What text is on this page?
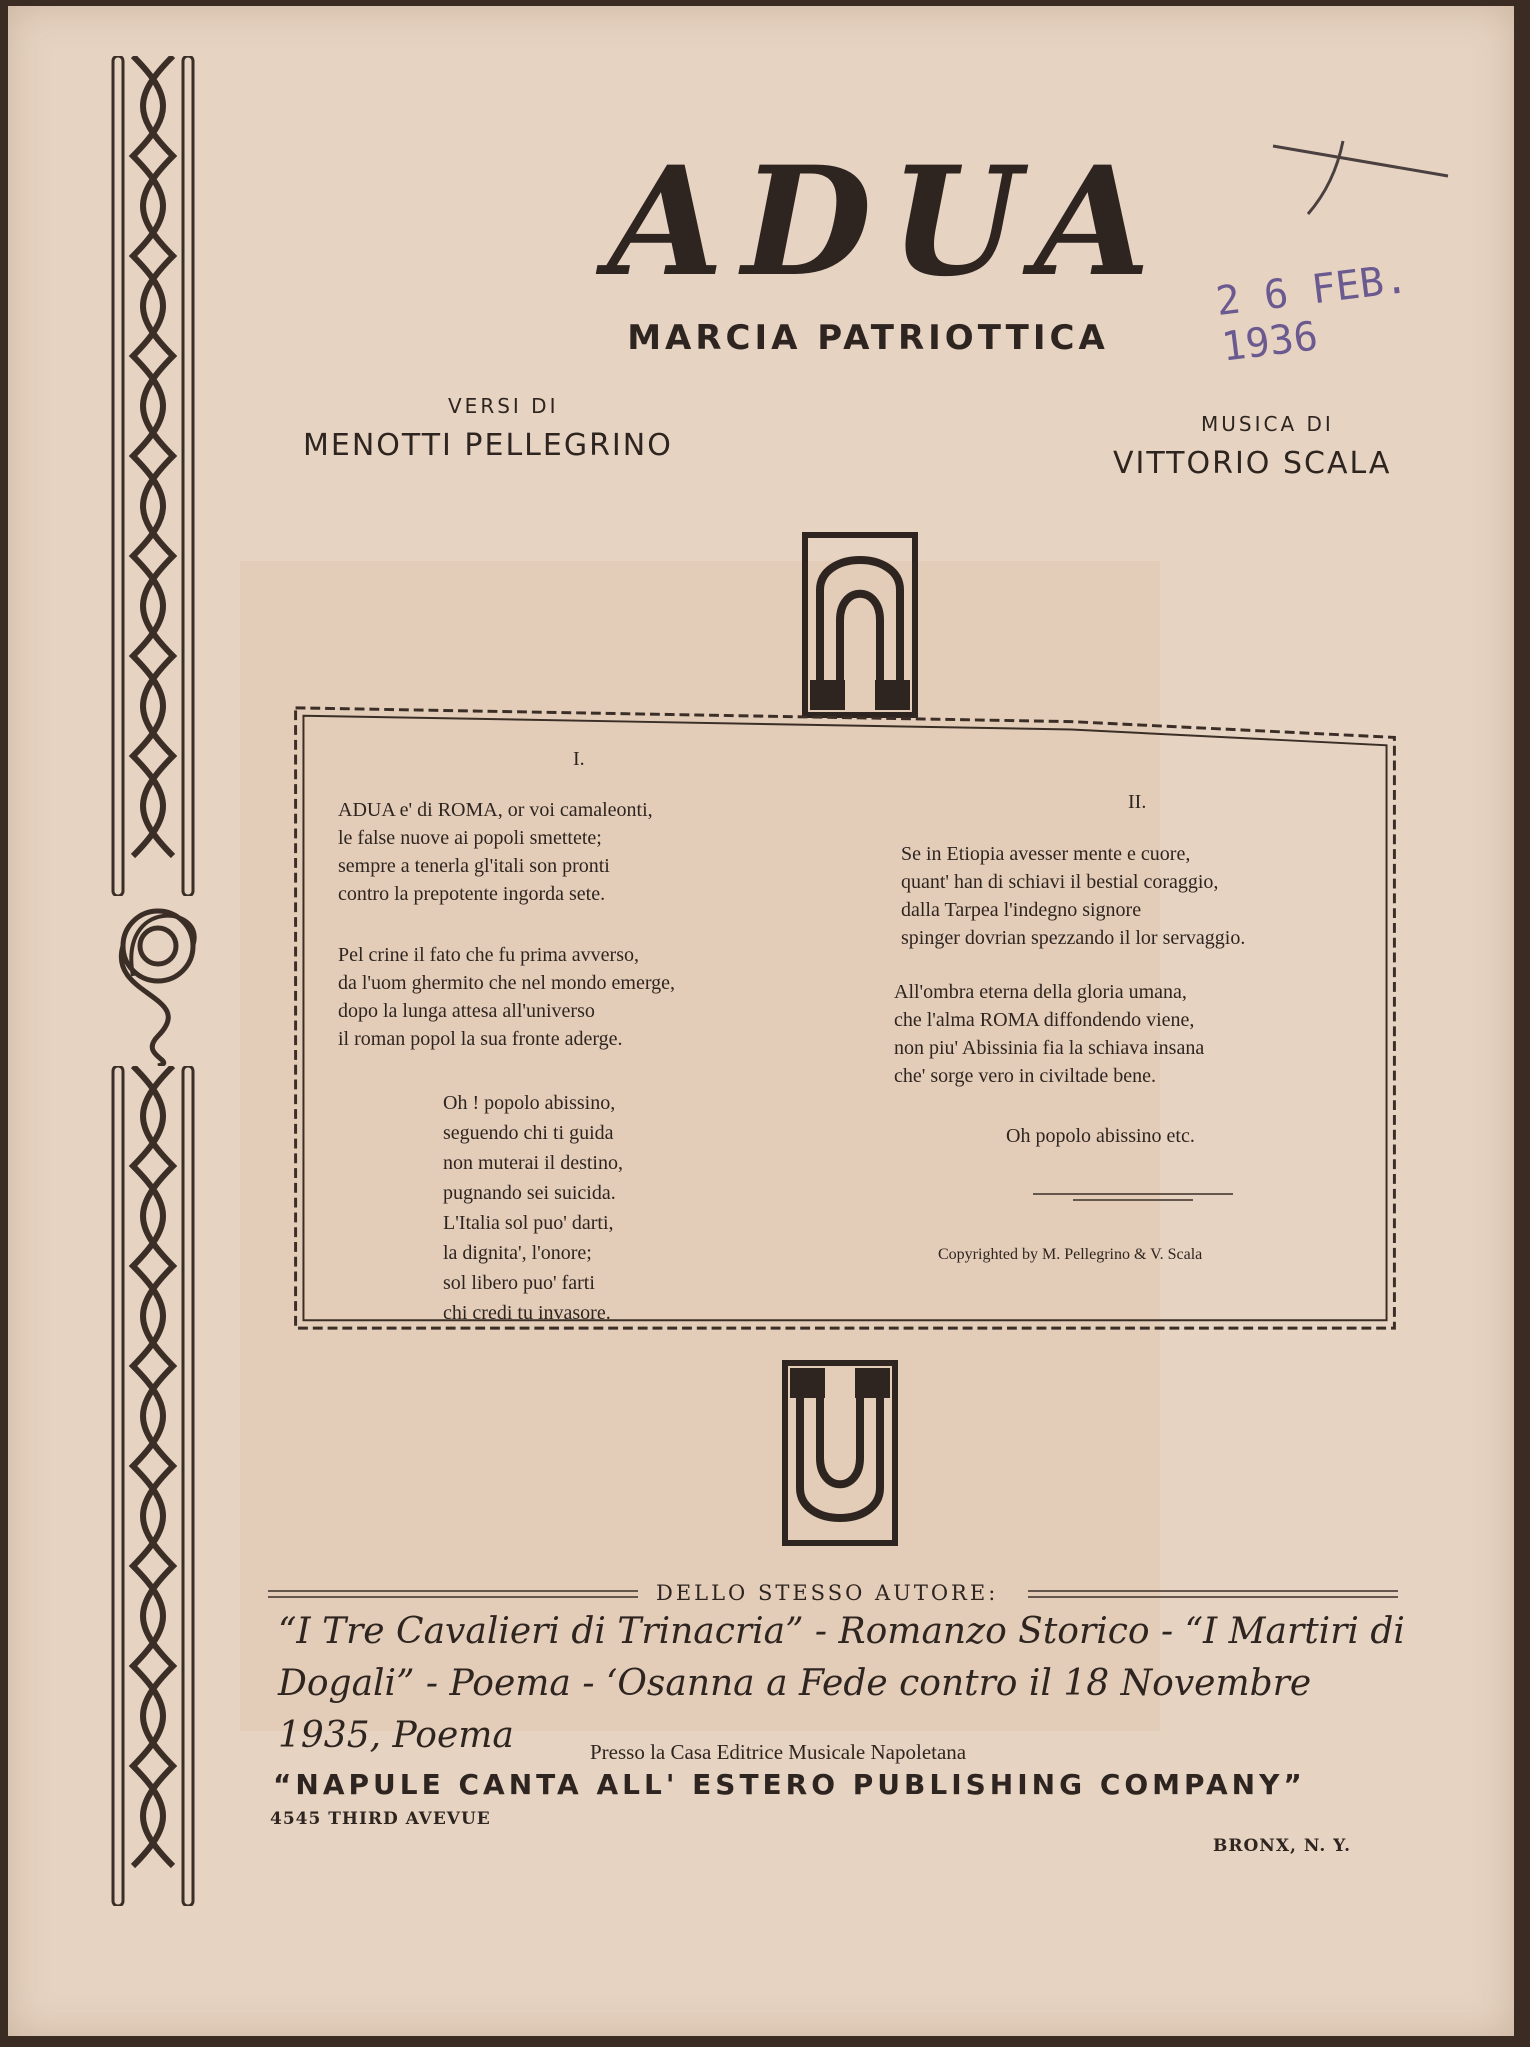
ADUA
MARCIA PATRIOTTICA
2 6 FEB. 1936
VERSI DI
MENOTTI PELLEGRINO
MUSICA DI
VITTORIO SCALA
I.
ADUA e' di ROMA, or voi camaleonti,
le false nuove ai popoli smettete;
sempre a tenerla gl'itali son pronti
contro la prepotente ingorda sete.
Pel crine il fato che fu prima avverso,
da l'uom ghermito che nel mondo emerge,
dopo la lunga attesa all'universo
il roman popol la sua fronte aderge.
Oh ! popolo abissino,
seguendo chi ti guida
non muterai il destino,
pugnando sei suicida.
L'Italia sol puo' darti,
la dignita', l'onore;
sol libero puo' farti
chi credi tu invasore.
II.
Se in Etiopia avesser mente e cuore,
quant' han di schiavi il bestial coraggio,
dalla Tarpea l'indegno signore
spinger dovrian spezzando il lor servaggio.
All'ombra eterna della gloria umana,
che l'alma ROMA diffondendo viene,
non piu' Abissinia fia la schiava insana
che' sorge vero in civiltade bene.
Oh popolo abissino etc.
Copyrighted by M. Pellegrino & V. Scala
DELLO STESSO AUTORE:
“I Tre Cavalieri di Trinacria” - Romanzo Storico - “I Martiri di
Dogali” - Poema - ‘Osanna a Fede contro il 18 Novembre 1935, Poema	Presso la Casa Editrice Musicale Napoletana
“NAPULE CANTA ALL' ESTERO PUBLISHING COMPANY”
4545 THIRD AVEVUE
BRONX, N. Y.
